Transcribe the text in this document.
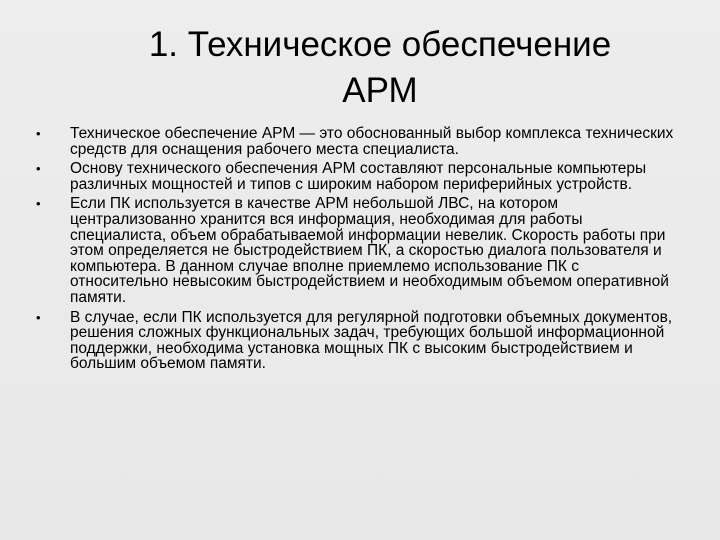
1. Техническое обеспечение
АРМ
•	Техническое обеспечение АРМ — это обоснованный выбор комплекса технических средств для оснащения рабочего места специалиста.
•	Основу технического обеспечения АРМ составляют персональные компьютеры различных мощностей и типов с широким набором периферийных устройств.
•	Если ПК используется в качестве АРМ небольшой ЛВС, на котором централизованно хранится вся информация, необходимая для работы специалиста, объем обрабатываемой информации невелик. Скорость работы при этом определяется не быстродействием ПК, а скоростью диалога пользователя и компьютера. В данном случае вполне приемлемо использование ПК с относительно невысоким быстродействием и необходимым объемом оперативной памяти.
•	В случае, если ПК используется для регулярной подготовки объемных документов, решения сложных функциональных задач, требующих большой информационной поддержки, необходима установка мощных ПК с высоким быстродействием и большим объемом памяти.
